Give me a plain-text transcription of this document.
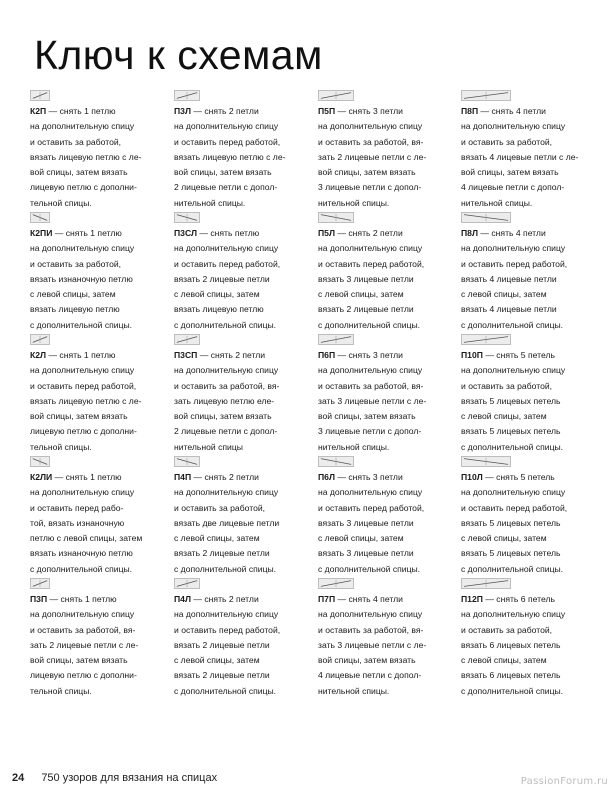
Ключ к схемам
К2П — снять 1 петлю
на дополнительную спицу
и оставить за работой,
вязать лицевую петлю с ле-
вой спицы, затем вязать
лицевую петлю с дополни-
тельной спицы.
К2ПИ — снять 1 петлю
на дополнительную спицу
и оставить за работой,
вязать изнаночную петлю
с левой спицы, затем
вязать лицевую петлю
с дополнительной спицы.
К2Л — снять 1 петлю
на дополнительную спицу
и оставить перед работой,
вязать лицевую петлю с ле-
вой спицы, затем вязать
лицевую петлю с дополни-
тельной спицы.
К2ЛИ — снять 1 петлю
на дополнительную спицу
и оставить перед рабо-
той, вязать изнаночную
петлю с левой спицы, затем
вязать изнаночную петлю
с дополнительной спицы.
П3П — снять 1 петлю
на дополнительную спицу
и оставить за работой, вя-
зать 2 лицевые петли с ле-
вой спицы, затем вязать
лицевую петлю с дополни-
тельной спицы.
П3Л — снять 2 петли
на дополнительную спицу
и оставить перед работой,
вязать лицевую петлю с ле-
вой спицы, затем вязать
2 лицевые петли с допол-
нительной спицы.
П3СЛ — снять петлю
на дополнительную спицу
и оставить перед работой,
вязать 2 лицевые петли
с левой спицы, затем
вязать лицевую петлю
с дополнительной спицы.
П3СП — снять 2 петли
на дополнительную спицу
и оставить за работой, вя-
зать лицевую петлю еле-
вой спицы, затем вязать
2 лицевые петли с допол-
нительной спицы
П4П — снять 2 петли
на дополнительную спицу
и оставить за работой,
вязать две лицевые петли
с левой спицы, затем
вязать 2 лицевые петли
с дополнительной спицы.
П4Л — снять 2 петли
на дополнительную спицу
и оставить перед работой,
вязать 2 лицевые петли
с левой спицы, затем
вязать 2 лицевые петли
с дополнительной спицы.
П5П — снять 3 петли
на дополнительную спицу
и оставить за работой, вя-
зать 2 лицевые петли с ле-
вой спицы, затем вязать
3 лицевые петли с допол-
нительной спицы.
П5Л — снять 2 петли
на дополнительную спицу
и оставить перед работой,
вязать 3 лицевые петли
с левой спицы, затем
вязать 2 лицевые петли
с дополнительной спицы.
П6П — снять 3 петли
на дополнительную спицу
и оставить за работой, вя-
зать 3 лицевые петли с ле-
вой спицы, затем вязать
3 лицевые петли с допол-
нительной спицы.
П6Л — снять 3 петли
на дополнительную спицу
и оставить перед работой,
вязать 3 лицевые петли
с левой спицы, затем
вязать 3 лицевые петли
с дополнительной спицы.
П7П — снять 4 петли
на дополнительную спицу
и оставить за работой, вя-
зать 3 лицевые петли с ле-
вой спицы, затем вязать
4 лицевые петли с допол-
нительной спицы.
П8П — снять 4 петли
на дополнительную спицу
и оставить за работой,
вязать 4 лицевые петли с ле-
вой спицы, затем вязать
4 лицевые петли с допол-
нительной спицы.
П8Л — снять 4 петли
на дополнительную спицу
и оставить перед работой,
вязать 4 лицевые петли
с левой спицы, затем
вязать 4 лицевые петли
с дополнительной спицы.
П10П — снять 5 петель
на дополнительную спицу
и оставить за работой,
вязать 5 лицевых петель
с левой спицы, затем
вязать 5 лицевых петель
с дополнительной спицы.
П10Л — снять 5 петель
на дополнительную спицу
и оставить перед работой,
вязать 5 лицевых петель
с левой спицы, затем
вязать 5 лицевых петель
с дополнительной спицы.
П12П — снять 6 петель
на дополнительную спицу
и оставить за работой,
вязать 6 лицевых петель
с левой спицы, затем
вязать 6 лицевых петель
с дополнительной спицы.
24 750 узоров для вязания на спицах	PassionForum.ru
